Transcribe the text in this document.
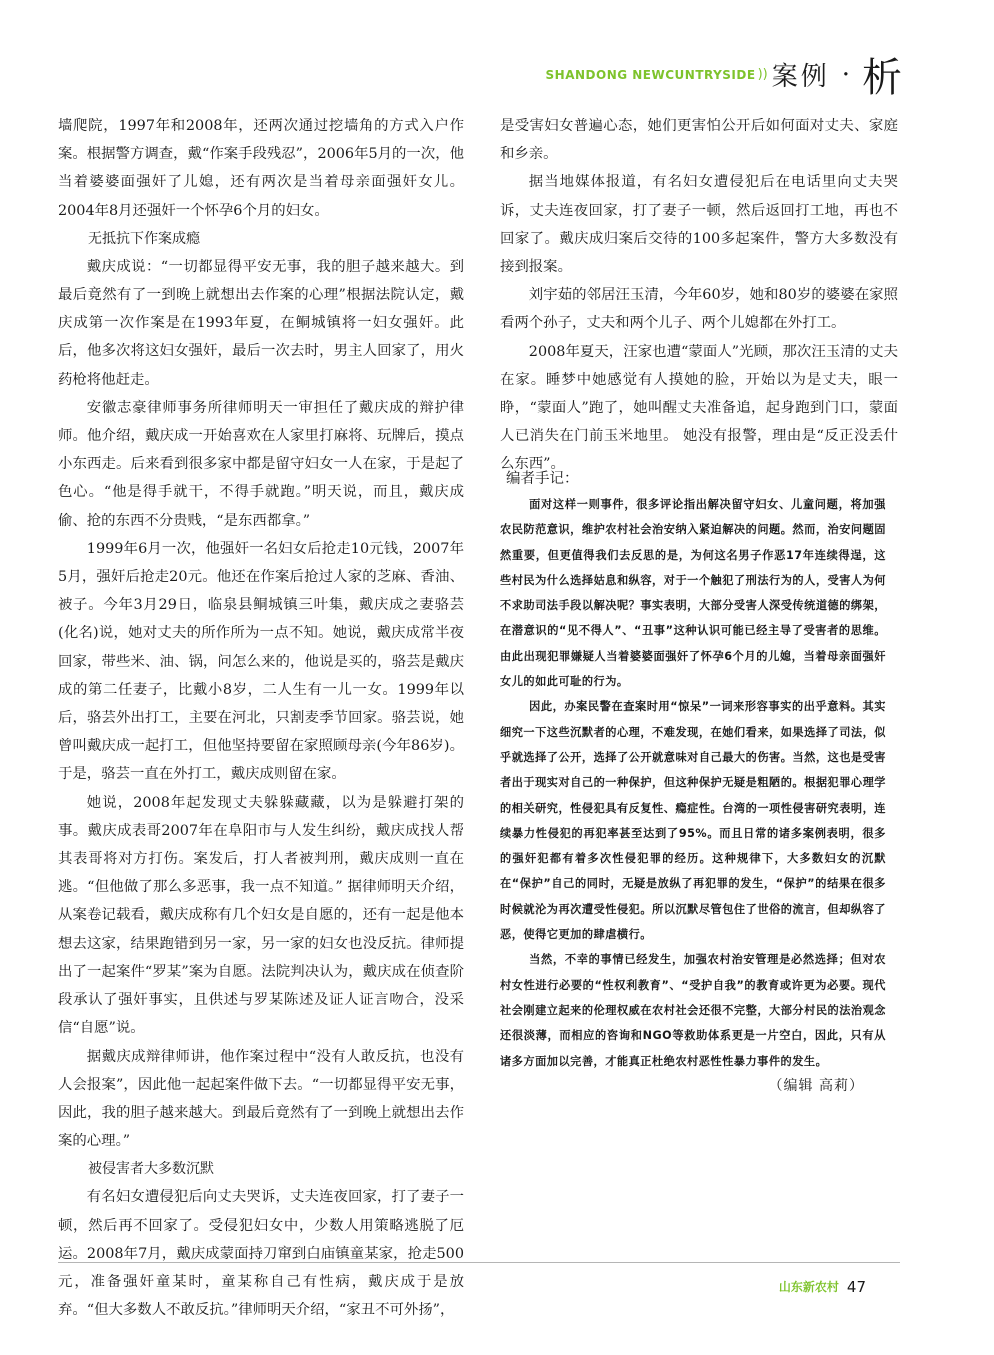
SHANDONG NEWCUNTRYSIDE )) 案例 · 析

墙爬院，1997年和2008年，还两次通过挖墙角的方式入户作案。根据警方调查，戴“作案手段残忍”，2006年5月的一次，他当着婆婆面强奸了儿媳，还有两次是当着母亲面强奸女儿。2004年8月还强奸一个怀孕6个月的妇女。

无抵抗下作案成瘾

戴庆成说：“一切都显得平安无事，我的胆子越来越大。到最后竟然有了一到晚上就想出去作案的心理”根据法院认定，戴庆成第一次作案是在1993年夏，在鲖城镇将一妇女强奸。此后，他多次将这妇女强奸，最后一次去时，男主人回家了，用火药枪将他赶走。

安徽志豪律师事务所律师明天一审担任了戴庆成的辩护律师。他介绍，戴庆成一开始喜欢在人家里打麻将、玩牌后，摸点小东西走。后来看到很多家中都是留守妇女一人在家，于是起了色心。“他是得手就干，不得手就跑。”明天说，而且，戴庆成偷、抢的东西不分贵贱，“是东西都拿。”

1999年6月一次，他强奸一名妇女后抢走10元钱，2007年5月，强奸后抢走20元。他还在作案后抢过人家的芝麻、香油、被子。今年3月29日，临泉县鲖城镇三叶集，戴庆成之妻骆芸(化名)说，她对丈夫的所作所为一点不知。她说，戴庆成常半夜回家，带些米、油、锅，问怎么来的，他说是买的，骆芸是戴庆成的第二任妻子，比戴小8岁，二人生有一儿一女。1999年以后，骆芸外出打工，主要在河北，只割麦季节回家。骆芸说，她曾叫戴庆成一起打工，但他坚持要留在家照顾母亲(今年86岁)。于是，骆芸一直在外打工，戴庆成则留在家。

她说，2008年起发现丈夫躲躲藏藏，以为是躲避打架的事。戴庆成表哥2007年在阜阳市与人发生纠纷，戴庆成找人帮其表哥将对方打伤。案发后，打人者被判刑，戴庆成则一直在逃。“但他做了那么多恶事，我一点不知道。” 据律师明天介绍，从案卷记载看，戴庆成称有几个妇女是自愿的，还有一起是他本想去这家，结果跑错到另一家，另一家的妇女也没反抗。律师提出了一起案件“罗某”案为自愿。法院判决认为，戴庆成在侦查阶段承认了强奸事实，且供述与罗某陈述及证人证言吻合，没采信“自愿”说。

据戴庆成辩律师讲，他作案过程中“没有人敢反抗，也没有人会报案”，因此他一起起案件做下去。“一切都显得平安无事，因此，我的胆子越来越大。到最后竟然有了一到晚上就想出去作案的心理。”

被侵害者大多数沉默

有名妇女遭侵犯后向丈夫哭诉，丈夫连夜回家，打了妻子一顿，然后再不回家了。受侵犯妇女中，少数人用策略逃脱了厄运。2008年7月，戴庆成蒙面持刀窜到白庙镇童某家，抢走500元，准备强奸童某时，童某称自己有性病，戴庆成于是放弃。“但大多数人不敢反抗。”律师明天介绍，“家丑不可外扬”，

是受害妇女普遍心态，她们更害怕公开后如何面对丈夫、家庭和乡亲。

据当地媒体报道，有名妇女遭侵犯后在电话里向丈夫哭诉，丈夫连夜回家，打了妻子一顿，然后返回打工地，再也不回家了。戴庆成归案后交待的100多起案件，警方大多数没有接到报案。

刘宇茹的邻居汪玉清，今年60岁，她和80岁的婆婆在家照看两个孙子，丈夫和两个儿子、两个儿媳都在外打工。

2008年夏天，汪家也遭“蒙面人”光顾，那次汪玉清的丈夫在家。睡梦中她感觉有人摸她的脸，开始以为是丈夫，眼一睁，“蒙面人”跑了，她叫醒丈夫准备追，起身跑到门口，蒙面人已消失在门前玉米地里。 她没有报警，理由是“反正没丢什么东西”。

编者手记：

面对这样一则事件，很多评论指出解决留守妇女、儿童问题，将加强农民防范意识，维护农村社会治安纳入紧迫解决的问题。然而，治安问题固然重要，但更值得我们去反思的是，为何这名男子作恶17年连续得逞，这些村民为什么选择姑息和纵容，对于一个触犯了刑法行为的人，受害人为何不求助司法手段以解决呢？事实表明，大部分受害人深受传统道德的绑架，在潜意识的“见不得人”、“丑事”这种认识可能已经主导了受害者的思维。由此出现犯罪嫌疑人当着婆婆面强奸了怀孕6个月的儿媳，当着母亲面强奸女儿的如此可耻的行为。

因此，办案民警在查案时用“惊呆”一词来形容事实的出乎意料。其实细究一下这些沉默者的心理，不难发现，在她们看来，如果选择了司法，似乎就选择了公开，选择了公开就意味对自己最大的伤害。当然，这也是受害者出于现实对自己的一种保护，但这种保护无疑是粗陋的。根据犯罪心理学的相关研究，性侵犯具有反复性、瘾症性。台湾的一项性侵害研究表明，连续暴力性侵犯的再犯率甚至达到了95%。而且日常的诸多案例表明，很多的强奸犯都有着多次性侵犯罪的经历。这种规律下，大多数妇女的沉默在“保护”自己的同时，无疑是放纵了再犯罪的发生，“保护”的结果在很多时候就沦为再次遭受性侵犯。所以沉默尽管包住了世俗的流言，但却纵容了恶，使得它更加的肆虐横行。

当然，不幸的事情已经发生，加强农村治安管理是必然选择；但对农村女性进行必要的“性权利教育”、“受护自我”的教育或许更为必要。现代社会刚建立起来的伦理权威在农村社会还很不完整，大部分村民的法治观念还很淡薄，而相应的咨询和NGO等救助体系更是一片空白，因此，只有从诸多方面加以完善，才能真正杜绝农村恶性性暴力事件的发生。

（编辑 高莉）
山东新农村 47
